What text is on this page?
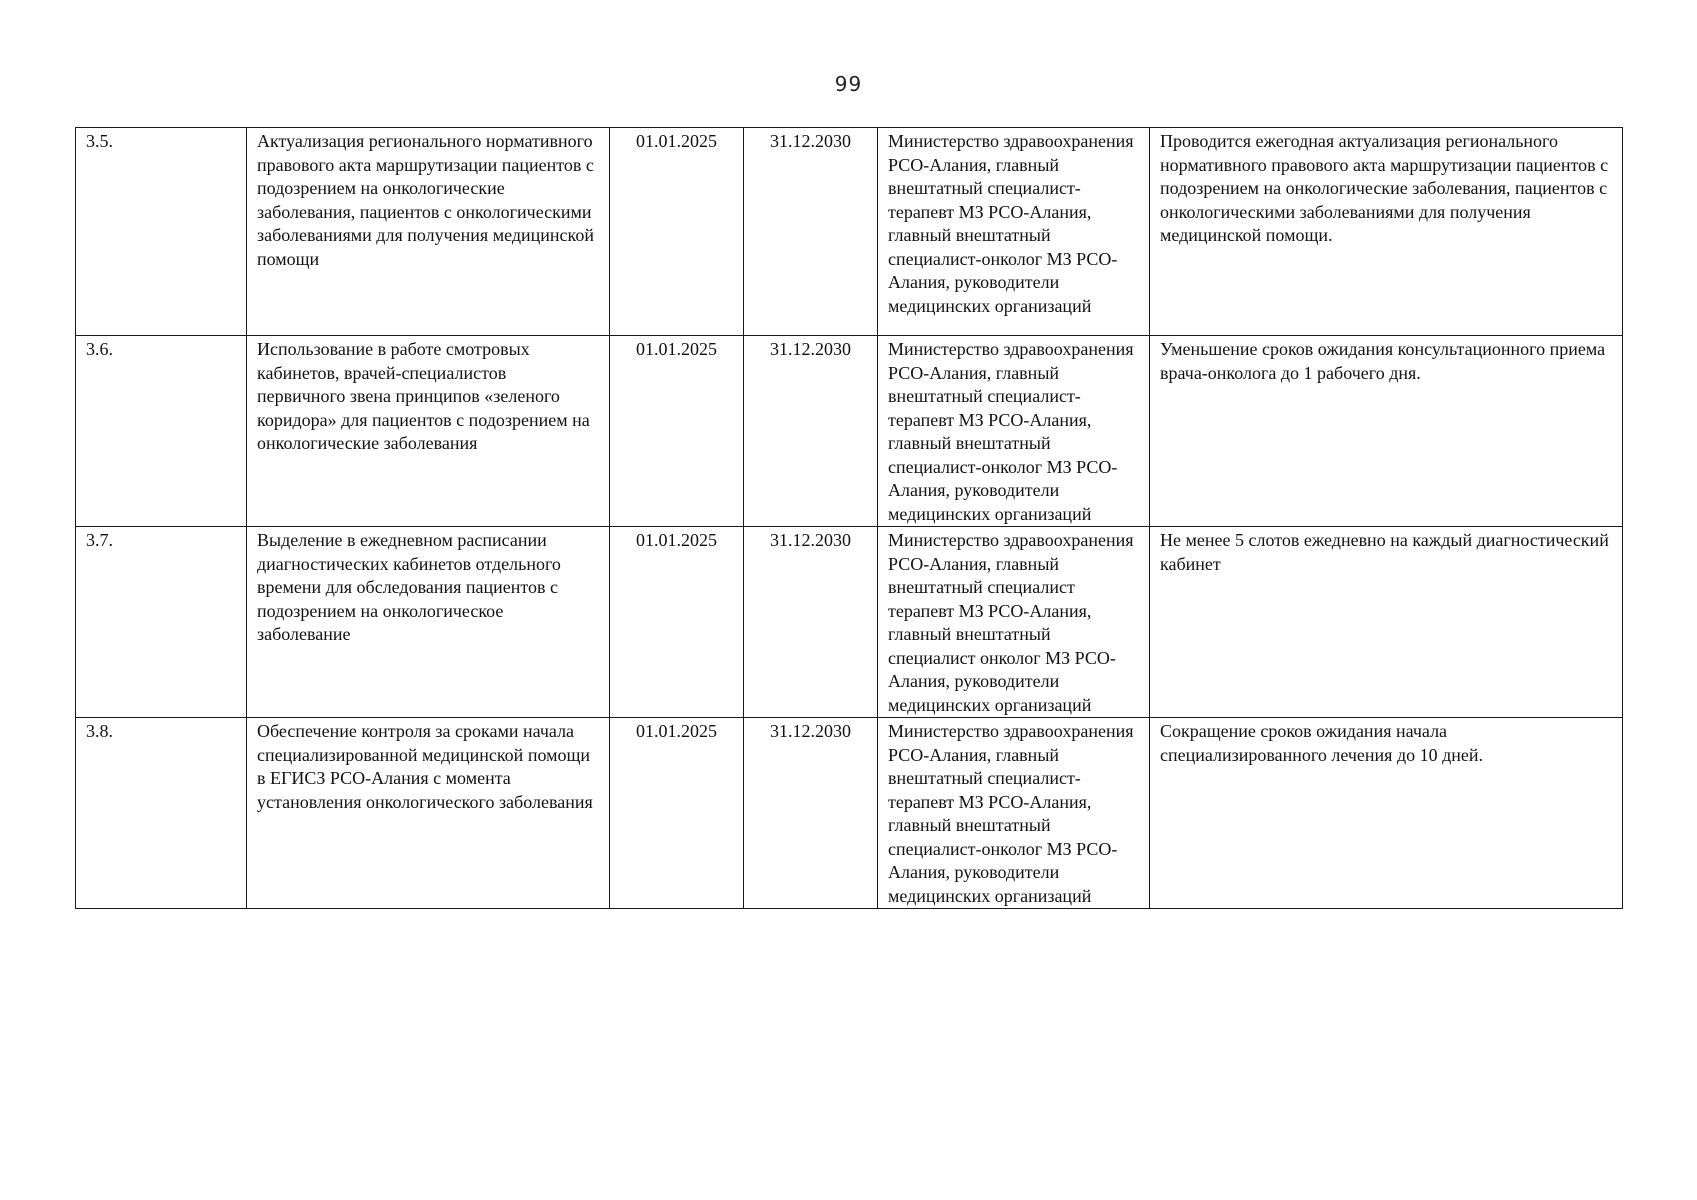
99
3.5.	Актуализация регионального нормативного правового акта маршрутизации пациентов с подозрением на онкологические заболевания, пациентов с онкологическими заболеваниями для получения медицинской помощи	01.01.2025	31.12.2030	Министерство здравоохранения РСО-Алания, главный внештатный специалист-терапевт МЗ РСО-Алания, главный внештатный специалист-онколог МЗ РСО-Алания, руководители медицинских организаций	Проводится ежегодная актуализация регионального нормативного правового акта маршрутизации пациентов с подозрением на онкологические заболевания, пациентов с онкологическими заболеваниями для получения медицинской помощи.
3.6.	Использование в работе смотровых кабинетов, врачей-специалистов первичного звена принципов «зеленого коридора» для пациентов с подозрением на онкологические заболевания	01.01.2025	31.12.2030	Министерство здравоохранения РСО-Алания, главный внештатный специалист-терапевт МЗ РСО-Алания, главный внештатный специалист-онколог МЗ РСО-Алания, руководители медицинских организаций	Уменьшение сроков ожидания консультационного приема врача-онколога до 1 рабочего дня.
3.7.	Выделение в ежедневном расписании диагностических кабинетов отдельного времени для обследования пациентов с подозрением на онкологическое заболевание	01.01.2025	31.12.2030	Министерство здравоохранения РСО-Алания, главный внештатный специалист терапевт МЗ РСО-Алания, главный внештатный специалист онколог МЗ РСО-Алания, руководители медицинских организаций	Не менее 5 слотов ежедневно на каждый диагностический кабинет
3.8.	Обеспечение контроля за сроками начала специализированной медицинской помощи в ЕГИСЗ РСО-Алания с момента установления онкологического заболевания	01.01.2025	31.12.2030	Министерство здравоохранения РСО-Алания, главный внештатный специалист-терапевт МЗ РСО-Алания, главный внештатный специалист-онколог МЗ РСО-Алания, руководители медицинских организаций	Сокращение сроков ожидания начала специализированного лечения до 10 дней.
